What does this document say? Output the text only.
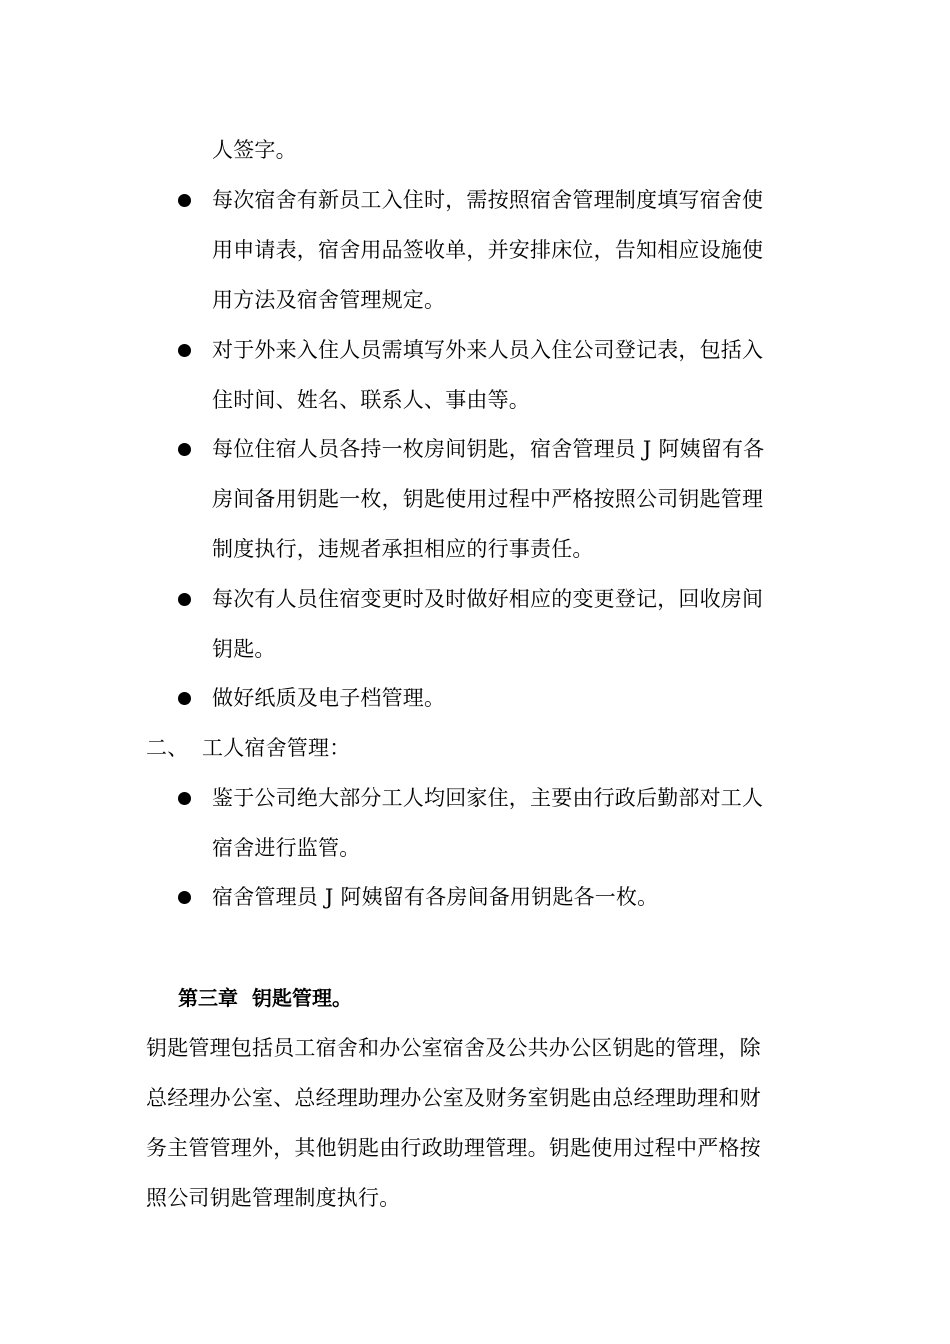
人签字。
每次宿舍有新员工入住时，需按照宿舍管理制度填写宿舍使
用申请表，宿舍用品签收单，并安排床位，告知相应设施使
用方法及宿舍管理规定。
对于外来入住人员需填写外来人员入住公司登记表，包括入
住时间、姓名、联系人、事由等。
每位住宿人员各持一枚房间钥匙，宿舍管理员 J 阿姨留有各
房间备用钥匙一枚，钥匙使用过程中严格按照公司钥匙管理
制度执行，违规者承担相应的行事责任。
每次有人员住宿变更时及时做好相应的变更登记，回收房间
钥匙。
做好纸质及电子档管理。
二、 工人宿舍管理：
鉴于公司绝大部分工人均回家住，主要由行政后勤部对工人
宿舍进行监管。
宿舍管理员 J 阿姨留有各房间备用钥匙各一枚。
第三章 钥匙管理。
钥匙管理包括员工宿舍和办公室宿舍及公共办公区钥匙的管理，除
总经理办公室、总经理助理办公室及财务室钥匙由总经理助理和财
务主管管理外，其他钥匙由行政助理管理。钥匙使用过程中严格按
照公司钥匙管理制度执行。
